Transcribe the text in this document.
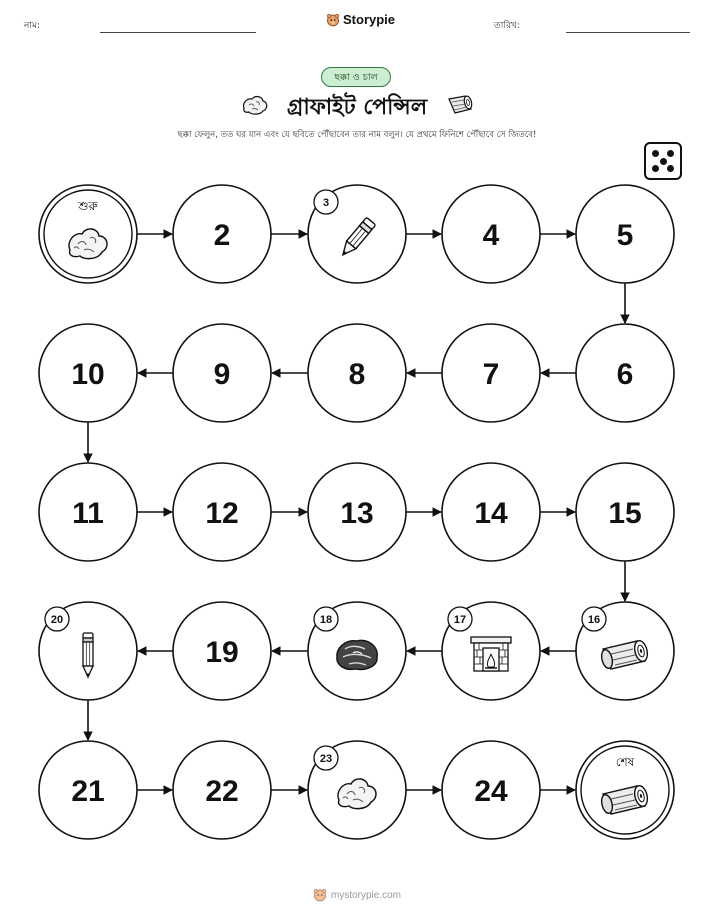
নাম:	Storypie	তারিখ:
ছক্কা ও চাল
গ্রাফাইট পেন্সিল
ছক্কা ফেলুন, তত ঘর যান এবং যে ছবিতে পৌঁছাবেন তার নাম বলুন। যে প্রথমে ফিনিশে পৌঁছাবে সে জিতবে!
শুরু
2
3
4	5
6
7
8
9
10
11	12	13	14	15
16
17
18
19
20
21	22
23
24
শেষ
mystorypie.com
